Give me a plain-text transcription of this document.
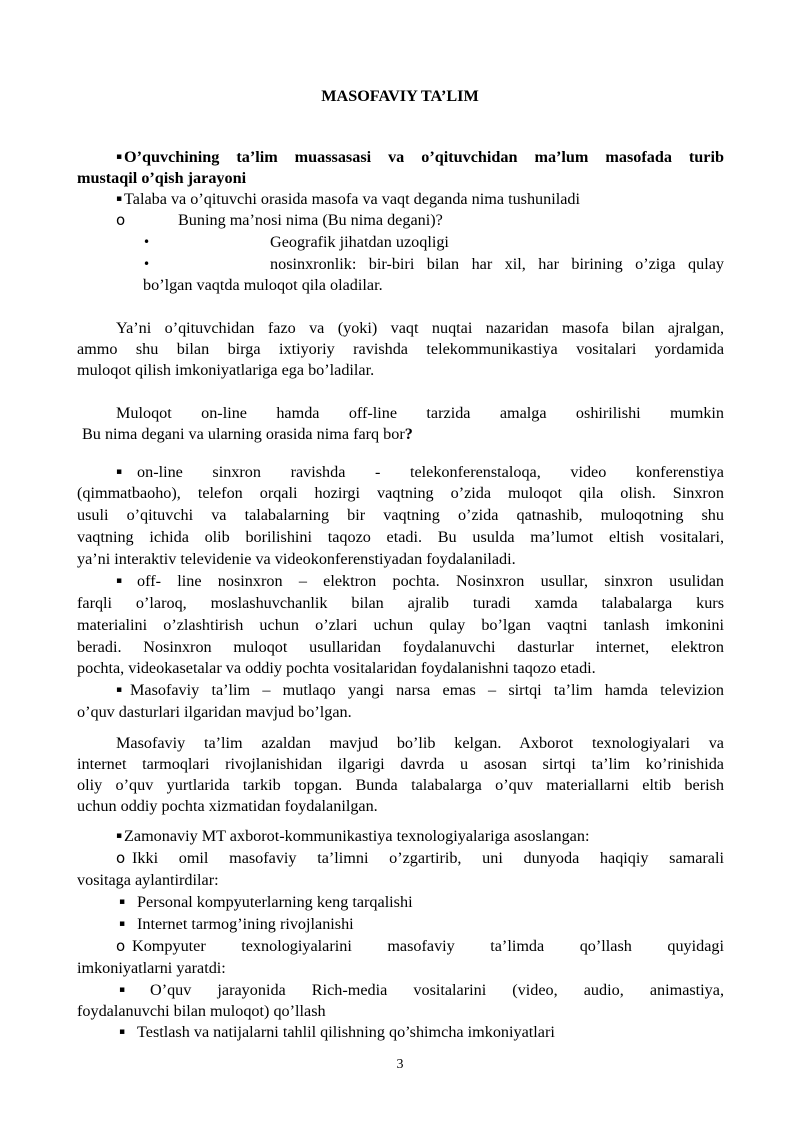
MASOFAVIY TA’LIM
▪ O’quvchining ta’lim muassasasi va o’qituvchidan ma’lum masofada turib
mustaqil o’qish jarayoni
▪ Talaba va o’qituvchi orasida masofa va vaqt deganda nima tushuniladi
o	Buning ma’nosi nima (Bu nima degani)?
•	Geografik jihatdan uzoqligi
•	nosinxronlik: bir-biri bilan har xil, har birining o’ziga qulay
bo’lgan vaqtda muloqot qila oladilar.
Ya’ni o’qituvchidan fazo va (yoki) vaqt nuqtai nazaridan masofa bilan ajralgan,
ammo shu bilan birga ixtiyoriy ravishda telekommunikastiya vositalari yordamida
muloqot qilish imkoniyatlariga ega bo’ladilar.
Muloqot on-line hamda off-line tarzida amalga oshirilishi mumkin
Bu nima degani va ularning orasida nima farq bor?
▪ on-line sinxron ravishda - telekonferenstaloqa, video konferenstiya
(qimmatbaoho), telefon orqali hozirgi vaqtning o’zida muloqot qila olish. Sinxron
usuli o’qituvchi va talabalarning bir vaqtning o’zida qatnashib, muloqotning shu
vaqtning ichida olib borilishini taqozo etadi. Bu usulda ma’lumot eltish vositalari,
ya’ni interaktiv televidenie va videokonferenstiyadan foydalaniladi.
▪ off- line nosinxron – elektron pochta. Nosinxron usullar, sinxron usulidan
farqli o’laroq, moslashuvchanlik bilan ajralib turadi xamda talabalarga kurs
materialini o’zlashtirish uchun o’zlari uchun qulay bo’lgan vaqtni tanlash imkonini
beradi. Nosinxron muloqot usullaridan foydalanuvchi dasturlar internet, elektron
pochta, videokasetalar va oddiy pochta vositalaridan foydalanishni taqozo etadi.
▪ Masofaviy ta’lim – mutlaqo yangi narsa emas – sirtqi ta’lim hamda televizion
o’quv dasturlari ilgaridan mavjud bo’lgan.
Masofaviy ta’lim azaldan mavjud bo’lib kelgan. Axborot texnologiyalari va
internet tarmoqlari rivojlanishidan ilgarigi davrda u asosan sirtqi ta’lim ko’rinishida
oliy o’quv yurtlarida tarkib topgan. Bunda talabalarga o’quv materiallarni eltib berish
uchun oddiy pochta xizmatidan foydalanilgan.
▪ Zamonaviy MT axborot-kommunikastiya texnologiyalariga asoslangan:
o Ikki omil masofaviy ta’limni o’zgartirib, uni dunyoda haqiqiy samarali
vositaga aylantirdilar:
▪ Personal kompyuterlarning keng tarqalishi
▪ Internet tarmog’ining rivojlanishi
o Kompyuter texnologiyalarini masofaviy ta’limda qo’llash quyidagi
imkoniyatlarni yaratdi:
▪ O’quv jarayonida Rich-media vositalarini (video, audio, animastiya,
foydalanuvchi bilan muloqot) qo’llash
▪ Testlash va natijalarni tahlil qilishning qo’shimcha imkoniyatlari
3
